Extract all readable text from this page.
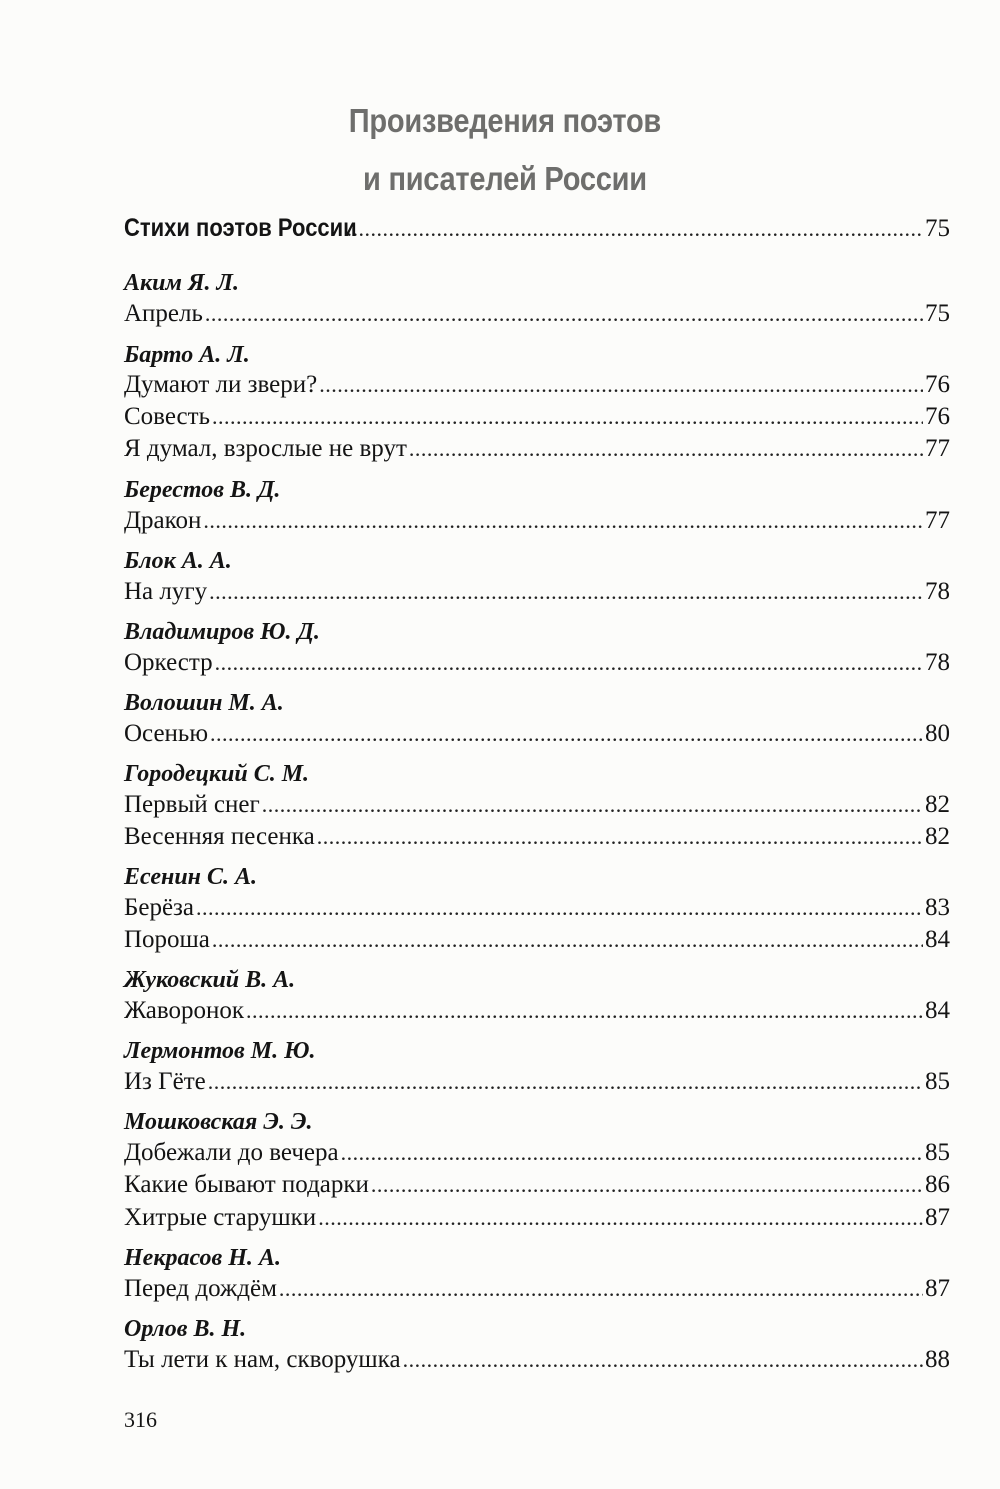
Произведения поэтов
и писателей России
Стихи поэтов России .....	75
Аким Я. Л.
Апрель .....	75
Барто А. Л.
Думают ли звери? .....	76
Совесть .....	76
Я думал, взрослые не врут .....	77
Берестов В. Д.
Дракон .....	77
Блок А. А.
На лугу .....	78
Владимиров Ю. Д.
Оркестр .....	78
Волошин М. А.
Осенью .....	80
Городецкий С. М.
Первый снег .....	82
Весенняя песенка .....	82
Есенин С. А.
Берёза .....	83
Пороша .....	84
Жуковский В. А.
Жаворонок .....	84
Лермонтов М. Ю.
Из Гёте .....	85
Мошковская Э. Э.
Добежали до вечера .....	85
Какие бывают подарки .....	86
Хитрые старушки .....	87
Некрасов Н. А.
Перед дождём .....	87
Орлов В. Н.
Ты лети к нам, скворушка .....	88
316
